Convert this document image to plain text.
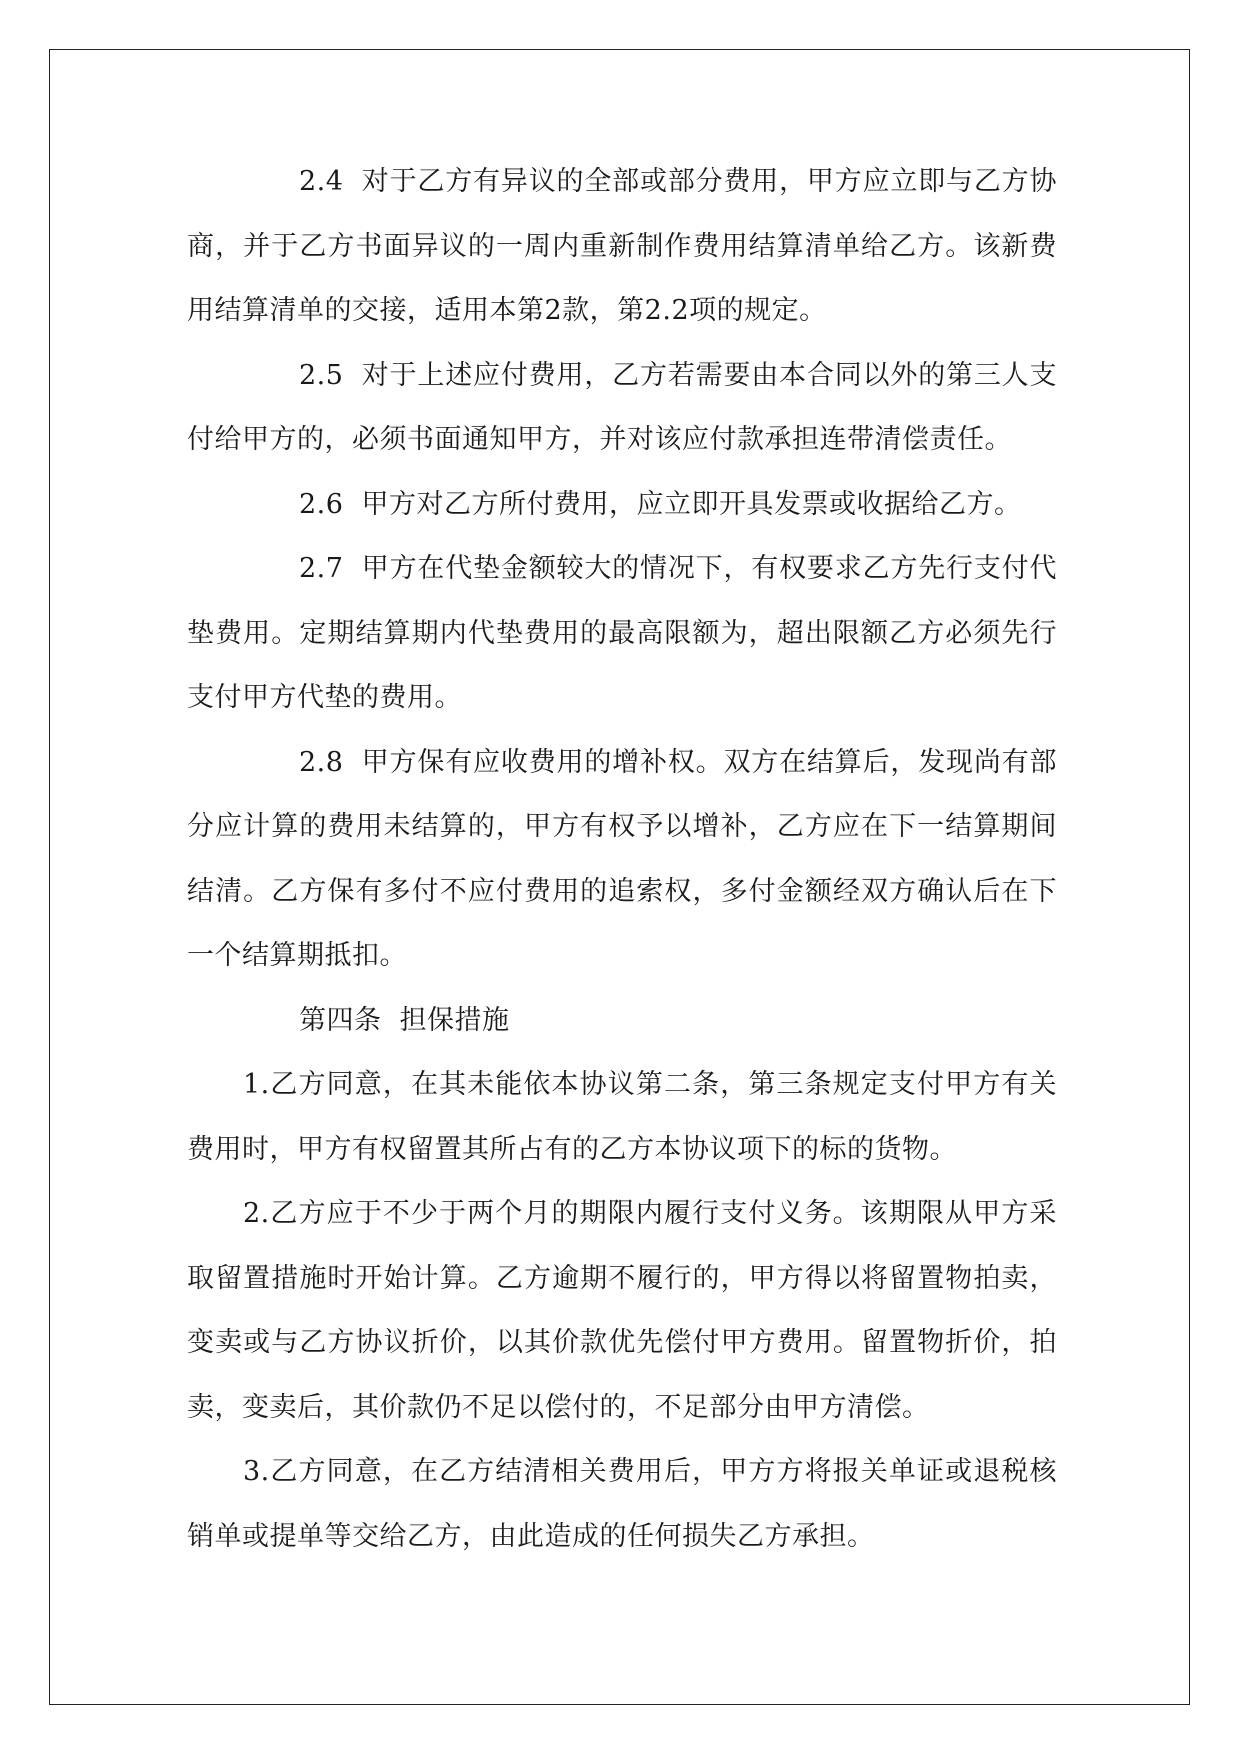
2.4 对于乙方有异议的全部或部分费用，甲方应立即与乙方协商，并于乙方书面异议的一周内重新制作费用结算清单给乙方。该新费用结算清单的交接，适用本第2款，第2.2项的规定。

2.5 对于上述应付费用，乙方若需要由本合同以外的第三人支付给甲方的，必须书面通知甲方，并对该应付款承担连带清偿责任。

2.6 甲方对乙方所付费用，应立即开具发票或收据给乙方。

2.7 甲方在代垫金额较大的情况下，有权要求乙方先行支付代垫费用。定期结算期内代垫费用的最高限额为，超出限额乙方必须先行支付甲方代垫的费用。

2.8 甲方保有应收费用的增补权。双方在结算后，发现尚有部分应计算的费用未结算的，甲方有权予以增补，乙方应在下一结算期间结清。乙方保有多付不应付费用的追索权，多付金额经双方确认后在下一个结算期抵扣。

第四条 担保措施

1.乙方同意，在其未能依本协议第二条，第三条规定支付甲方有关费用时，甲方有权留置其所占有的乙方本协议项下的标的货物。

2.乙方应于不少于两个月的期限内履行支付义务。该期限从甲方采取留置措施时开始计算。乙方逾期不履行的，甲方得以将留置物拍卖，变卖或与乙方协议折价，以其价款优先偿付甲方费用。留置物折价，拍卖，变卖后，其价款仍不足以偿付的，不足部分由甲方清偿。

3.乙方同意，在乙方结清相关费用后，甲方方将报关单证或退税核销单或提单等交给乙方，由此造成的任何损失乙方承担。
